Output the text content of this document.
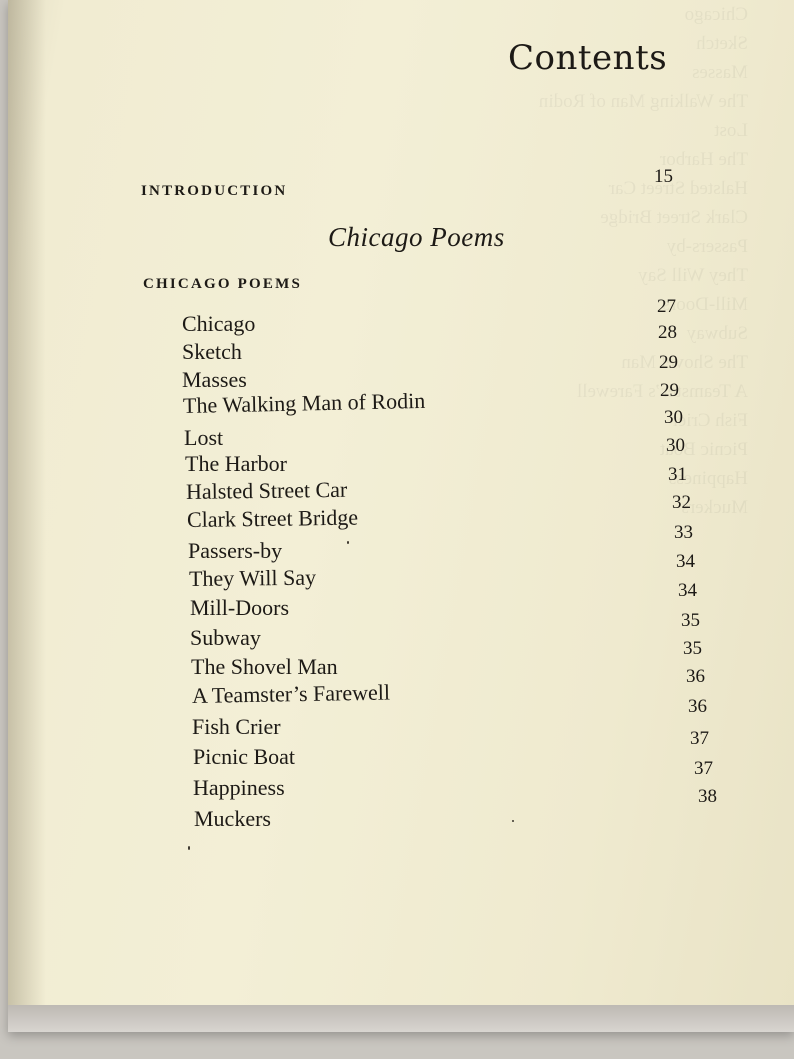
Contents
INTRODUCTION
15
Chicago Poems
CHICAGO POEMS
Chicago
27
Sketch
28
Masses
29
The Walking Man of Rodin	29
Lost
30
The Harbor
30
Halsted Street Car
31
Clark Street Bridge
32
Passers-by
33
They Will Say
34
Mill-Doors
34
Subway
35
The Shovel Man
35
A Teamster’s Farewell
36
Fish Crier
36
Picnic Boat
37
Happiness
37
Muckers
38
